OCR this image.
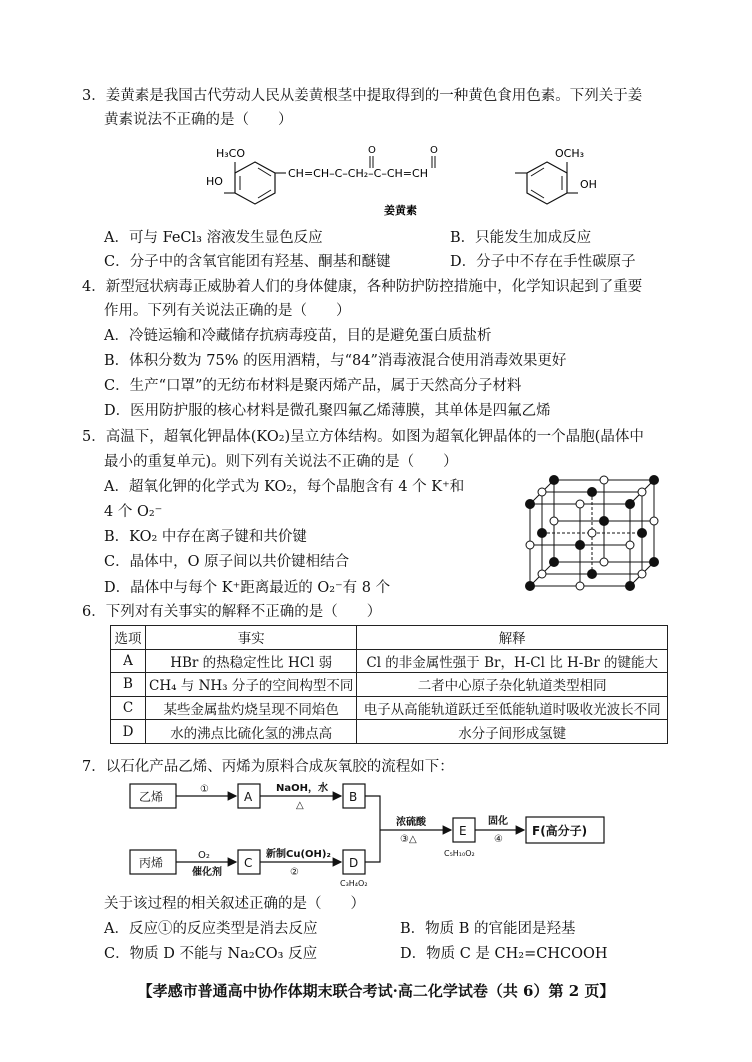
3．姜黄素是我国古代劳动人民从姜黄根茎中提取得到的一种黄色食用色素。下列关于姜
黄素说法不正确的是（　　）
H₃CO
HO
CH=CH–C–CH₂–C–CH=CH
O	O	OCH₃
OH
姜黄素
A．可与 FeCl₃ 溶液发生显色反应	B．只能发生加成反应
C．分子中的含氧官能团有羟基、酮基和醚键	D．分子中不存在手性碳原子
4．新型冠状病毒正威胁着人们的身体健康，各种防护防控措施中，化学知识起到了重要
作用。下列有关说法正确的是（　　）
A．冷链运输和冷藏储存抗病毒疫苗，目的是避免蛋白质盐析
B．体积分数为 75% 的医用酒精，与“84”消毒液混合使用消毒效果更好
C．生产“口罩”的无纺布材料是聚丙烯产品，属于天然高分子材料
D．医用防护服的核心材料是微孔聚四氟乙烯薄膜，其单体是四氟乙烯
5．高温下，超氧化钾晶体(KO₂)呈立方体结构。如图为超氧化钾晶体的一个晶胞(晶体中
最小的重复单元)。则下列有关说法不正确的是（　　）
A．超氧化钾的化学式为 KO₂，每个晶胞含有 4 个 K⁺和
4 个 O₂⁻
B．KO₂ 中存在离子键和共价键
C．晶体中，O 原子间以共价键相结合
D．晶体中与每个 K⁺距离最近的 O₂⁻有 8 个
6．下列对有关事实的解释不正确的是（　　）
选项	事实	解释
A	HBr 的热稳定性比 HCl 弱	Cl 的非金属性强于 Br，H-Cl 比 H-Br 的键能大
B	CH₄ 与 NH₃ 分子的空间构型不同	二者中心原子杂化轨道类型相同
C	某些金属盐灼烧呈现不同焰色	电子从高能轨道跃迁至低能轨道时吸收光波长不同
D	水的沸点比硫化氢的沸点高	水分子间形成氢键
7．以石化产品乙烯、丙烯为原料合成灰氧胶的流程如下：
乙烯	A	B
丙烯	C	D
E	F(高分子)
①	NaOH，水
△
O₂
催化剂
新制Cu(OH)₂
②
浓硫酸
③△
固化
④
C₅H₁₀O₂
C₃H₄O₂
关于该过程的相关叙述正确的是（　　）
A．反应①的反应类型是消去反应	B．物质 B 的官能团是羟基
C．物质 D 不能与 Na₂CO₃ 反应	D．物质 C 是 CH₂=CHCOOH
【孝感市普通高中协作体期末联合考试·高二化学试卷（共 6）第 2 页】
